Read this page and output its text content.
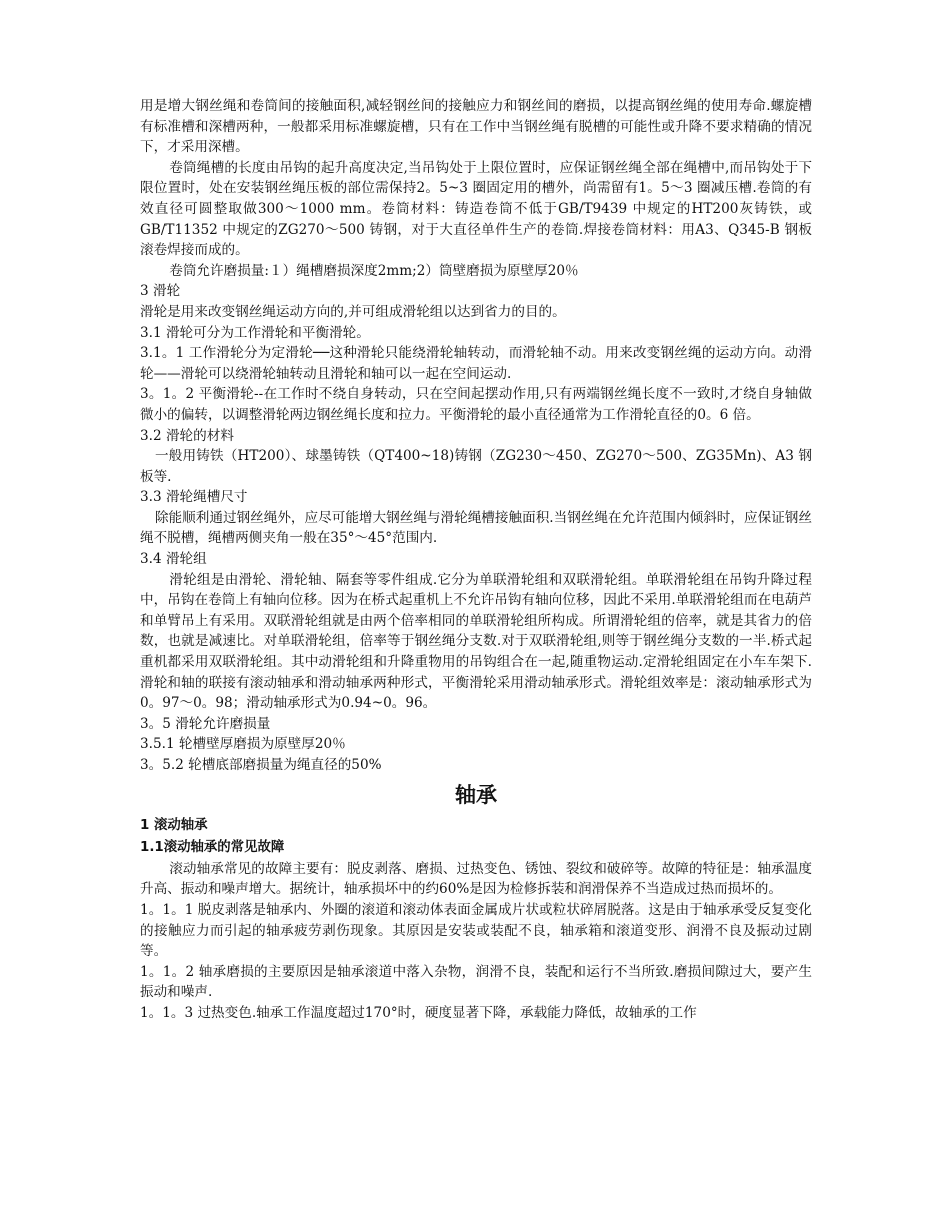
用是增大钢丝绳和卷筒间的接触面积,减轻钢丝间的接触应力和钢丝间的磨损，以提高钢丝绳的使用寿命.螺旋槽有标准槽和深槽两种，一般都采用标准螺旋槽，只有在工作中当钢丝绳有脱槽的可能性或升降不要求精确的情况下，才采用深槽。

卷筒绳槽的长度由吊钩的起升高度决定,当吊钩处于上限位置时，应保证钢丝绳全部在绳槽中,而吊钩处于下限位置时，处在安装钢丝绳压板的部位需保持2。5~3 圈固定用的槽外，尚需留有1。5～3 圈减压槽.卷筒的有效直径可圆整取做300～1000 mm。卷筒材料：铸造卷筒不低于GB/T9439 中规定的HT200灰铸铁，或GB/T11352 中规定的ZG270～500 铸钢，对于大直径单件生产的卷筒.焊接卷筒材料：用A3、Q345-B 钢板滚卷焊接而成的。

卷筒允许磨损量:１）绳槽磨损深度2mm;2）筒壁磨损为原壁厚20％

3 滑轮

滑轮是用来改变钢丝绳运动方向的,并可组成滑轮组以达到省力的目的。

3.1 滑轮可分为工作滑轮和平衡滑轮。

3.1。1 工作滑轮分为定滑轮──这种滑轮只能绕滑轮轴转动，而滑轮轴不动。用来改变钢丝绳的运动方向。动滑轮——滑轮可以绕滑轮轴转动且滑轮和轴可以一起在空间运动.

3。1。2 平衡滑轮--在工作时不绕自身转动，只在空间起摆动作用,只有两端钢丝绳长度不一致时,才绕自身轴做微小的偏转，以调整滑轮两边钢丝绳长度和拉力。平衡滑轮的最小直径通常为工作滑轮直径的0。6 倍。

3.2 滑轮的材料

一般用铸铁（HT200）、球墨铸铁（QT400~18)铸钢（ZG230～450、ZG270～500、ZG35Mn)、A3 钢板等.

3.3 滑轮绳槽尺寸

除能顺利通过钢丝绳外，应尽可能增大钢丝绳与滑轮绳槽接触面积.当钢丝绳在允许范围内倾斜时，应保证钢丝绳不脱槽，绳槽两侧夹角一般在35°～45°范围内.

3.4 滑轮组

滑轮组是由滑轮、滑轮轴、隔套等零件组成.它分为单联滑轮组和双联滑轮组。单联滑轮组在吊钩升降过程中，吊钩在卷筒上有轴向位移。因为在桥式起重机上不允许吊钩有轴向位移，因此不采用.单联滑轮组而在电葫芦和单臂吊上有采用。双联滑轮组就是由两个倍率相同的单联滑轮组所构成。所谓滑轮组的倍率，就是其省力的倍数，也就是减速比。对单联滑轮组，倍率等于钢丝绳分支数.对于双联滑轮组,则等于钢丝绳分支数的一半.桥式起重机都采用双联滑轮组。其中动滑轮组和升降重物用的吊钩组合在一起,随重物运动.定滑轮组固定在小车车架下.滑轮和轴的联接有滚动轴承和滑动轴承两种形式，平衡滑轮采用滑动轴承形式。滑轮组效率是：滚动轴承形式为0。97～0。98；滑动轴承形式为0.94~0。96。

3。5 滑轮允许磨损量

3.5.1 轮槽壁厚磨损为原壁厚20％

3。5.2 轮槽底部磨损量为绳直径的50%

轴承

1 滚动轴承

1.1滚动轴承的常见故障

滚动轴承常见的故障主要有：脱皮剥落、磨损、过热变色、锈蚀、裂纹和破碎等。故障的特征是：轴承温度升高、振动和噪声增大。据统计，轴承损坏中的约60%是因为检修拆装和润滑保养不当造成过热而损坏的。

1。1。1 脱皮剥落是轴承内、外圈的滚道和滚动体表面金属成片状或粒状碎屑脱落。这是由于轴承承受反复变化的接触应力而引起的轴承疲劳剥伤现象。其原因是安装或装配不良，轴承箱和滚道变形、润滑不良及振动过剧等。

1。1。2 轴承磨损的主要原因是轴承滚道中落入杂物，润滑不良，装配和运行不当所致.磨损间隙过大，要产生振动和噪声.

1。1。3 过热变色.轴承工作温度超过170°时，硬度显著下降，承载能力降低，故轴承的工作
